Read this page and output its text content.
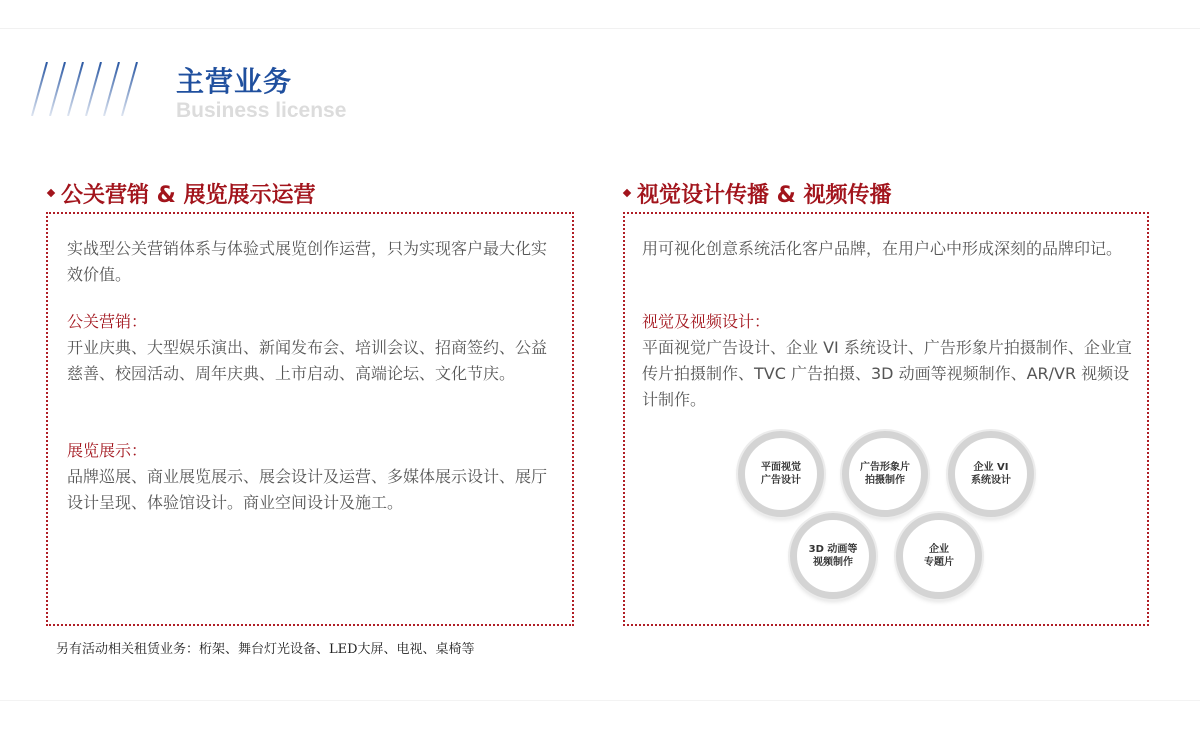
主营业务
Business license
公关营销 & 展览展示运营
实战型公关营销体系与体验式展览创作运营，只为实现客户最大化实效价值。
公关营销：
开业庆典、大型娱乐演出、新闻发布会、培训会议、招商签约、公益慈善、校园活动、周年庆典、上市启动、高端论坛、文化节庆。
展览展示：
品牌巡展、商业展览展示、展会设计及运营、多媒体展示设计、展厅设计呈现、体验馆设计。商业空间设计及施工。
视觉设计传播 & 视频传播
用可视化创意系统活化客户品牌，在用户心中形成深刻的品牌印记。
视觉及视频设计：
平面视觉广告设计、企业 VI 系统设计、广告形象片拍摄制作、企业宣传片拍摄制作、TVC 广告拍摄、3D 动画等视频制作、AR/VR 视频设计制作。
平面视觉
广告设计
广告形象片
拍摄制作
企业 VI
系统设计
3D 动画等
视频制作
企业
专题片
另有活动相关租赁业务：桁架、舞台灯光设备、LED大屏、电视、桌椅等
